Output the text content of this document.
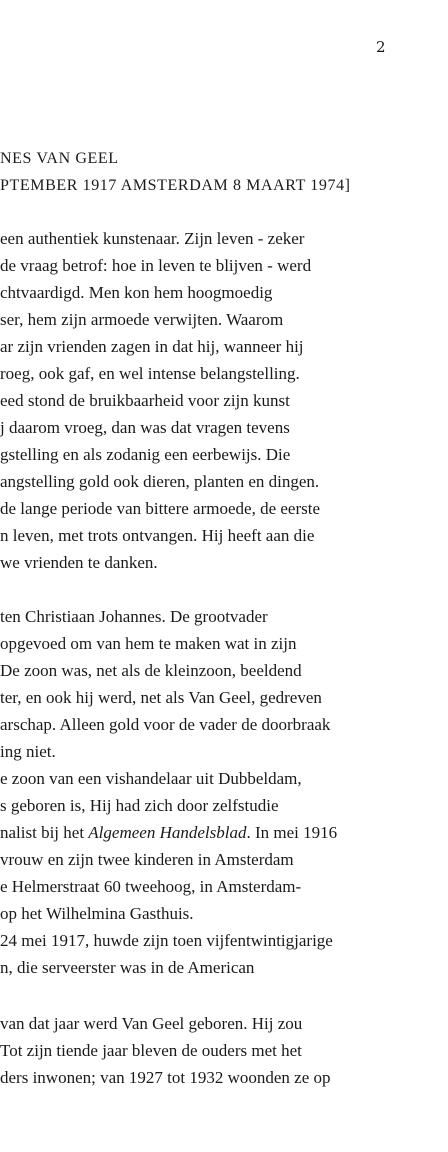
2
NES VAN GEEL
PTEMBER 1917 AMSTERDAM 8 MAART 1974]
een authentiek kunstenaar. Zijn leven - zeker
de vraag betrof: hoe in leven te blijven - werd
chtvaardigd. Men kon hem hoogmoedig
ser, hem zijn armoede verwijten. Waarom
ar zijn vrienden zagen in dat hij, wanneer hij
roeg, ook gaf, en wel intense belangstelling.
eed stond de bruikbaarheid voor zijn kunst
j daarom vroeg, dan was dat vragen tevens
gstelling en als zodanig een eerbewijs. Die
angstelling gold ook dieren, planten en dingen.
de lange periode van bittere armoede, de eerste
n leven, met trots ontvangen. Hij heeft aan die
we vrienden te danken.
ten Christiaan Johannes. De grootvader
opgevoed om van hem te maken wat in zijn
De zoon was, net als de kleinzoon, beeldend
ter, en ook hij werd, net als Van Geel, gedreven
arschap. Alleen gold voor de vader de doorbraak
ing niet.
e zoon van een vishandelaar uit Dubbeldam,
s geboren is, Hij had zich door zelfstudie
nalist bij het Algemeen Handelsblad. In mei 1916
vrouw en zijn twee kinderen in Amsterdam
e Helmerstraat 60 tweehoog, in Amsterdam-
op het Wilhelmina Gasthuis.
24 mei 1917, huwde zijn toen vijfentwintigjarige
n, die serveerster was in de American
van dat jaar werd Van Geel geboren. Hij zou
Tot zijn tiende jaar bleven de ouders met het
ders inwonen; van 1927 tot 1932 woonden ze op
